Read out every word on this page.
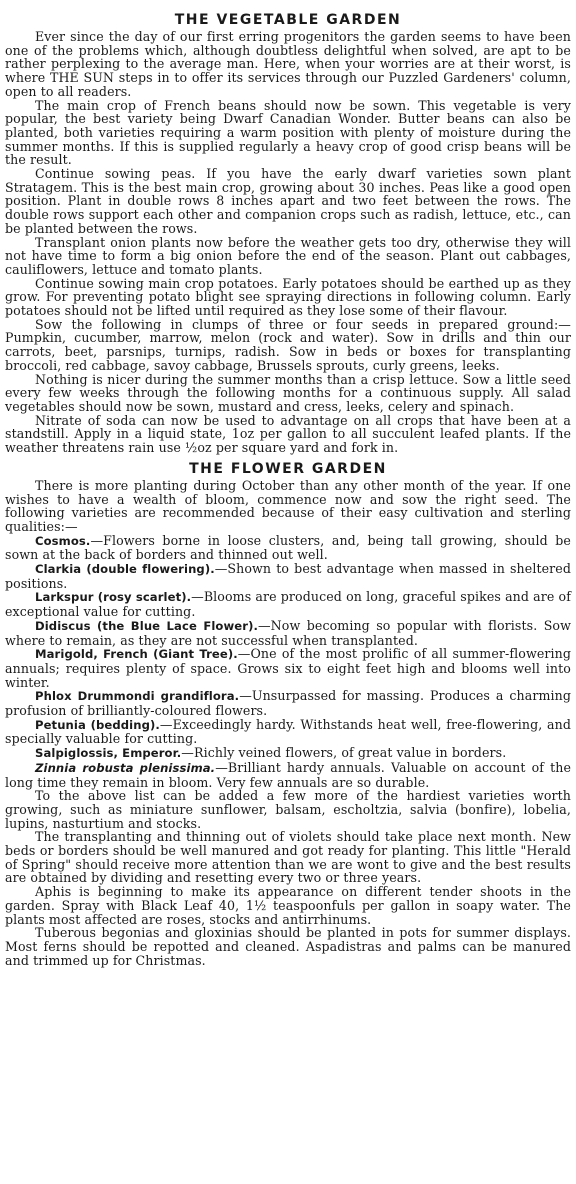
THE VEGETABLE GARDEN

Ever since the day of our first erring progenitors the garden seems to have been one of the problems which, although doubtless delightful when solved, are apt to be rather perplexing to the average man. Here, when your worries are at their worst, is where THE SUN steps in to offer its services through our Puzzled Gardeners' column, open to all readers.

The main crop of French beans should now be sown. This vegetable is very popular, the best variety being Dwarf Canadian Wonder. Butter beans can also be planted, both varieties requiring a warm position with plenty of moisture during the summer months. If this is supplied regularly a heavy crop of good crisp beans will be the result.

Continue sowing peas. If you have the early dwarf varieties sown plant Stratagem. This is the best main crop, growing about 30 inches. Peas like a good open position. Plant in double rows 8 inches apart and two feet between the rows. The double rows support each other and companion crops such as radish, lettuce, etc., can be planted between the rows.

Transplant onion plants now before the weather gets too dry, otherwise they will not have time to form a big onion before the end of the season. Plant out cabbages, cauliflowers, lettuce and tomato plants.

Continue sowing main crop potatoes. Early potatoes should be earthed up as they grow. For preventing potato blight see spraying directions in following column. Early potatoes should not be lifted until required as they lose some of their flavour.

Sow the following in clumps of three or four seeds in prepared ground:—Pumpkin, cucumber, marrow, melon (rock and water). Sow in drills and thin our carrots, beet, parsnips, turnips, radish. Sow in beds or boxes for transplanting broccoli, red cabbage, savoy cabbage, Brussels sprouts, curly greens, leeks.

Nothing is nicer during the summer months than a crisp lettuce. Sow a little seed every few weeks through the following months for a continuous supply. All salad vegetables should now be sown, mustard and cress, leeks, celery and spinach.

Nitrate of soda can now be used to advantage on all crops that have been at a standstill. Apply in a liquid state, 1oz per gallon to all succulent leafed plants. If the weather threatens rain use ½oz per square yard and fork in.

THE FLOWER GARDEN

There is more planting during October than any other month of the year. If one wishes to have a wealth of bloom, commence now and sow the right seed. The following varieties are recommended because of their easy cultivation and sterling qualities:—

Cosmos.—Flowers borne in loose clusters, and, being tall growing, should be sown at the back of borders and thinned out well.

Clarkia (double flowering).—Shown to best advantage when massed in sheltered positions.

Larkspur (rosy scarlet).—Blooms are produced on long, graceful spikes and are of exceptional value for cutting.

Didiscus (the Blue Lace Flower).—Now becoming so popular with florists. Sow where to remain, as they are not successful when transplanted.

Marigold, French (Giant Tree).—One of the most prolific of all summer-flowering annuals; requires plenty of space. Grows six to eight feet high and blooms well into winter.

Phlox Drummondi grandiflora.—Unsurpassed for massing. Produces a charming profusion of brilliantly-coloured flowers.

Petunia (bedding).—Exceedingly hardy. Withstands heat well, free-flowering, and specially valuable for cutting.

Salpiglossis, Emperor.—Richly veined flowers, of great value in borders.

Zinnia robusta plenissima.—Brilliant hardy annuals. Valuable on account of the long time they remain in bloom. Very few annuals are so durable.

To the above list can be added a few more of the hardiest varieties worth growing, such as miniature sunflower, balsam, escholtzia, salvia (bonfire), lobelia, lupins, nasturtium and stocks.

The transplanting and thinning out of violets should take place next month. New beds or borders should be well manured and got ready for planting. This little "Herald of Spring" should receive more attention than we are wont to give and the best results are obtained by dividing and resetting every two or three years.

Aphis is beginning to make its appearance on different tender shoots in the garden. Spray with Black Leaf 40, 1½ teaspoonfuls per gallon in soapy water. The plants most affected are roses, stocks and antirrhinums.

Tuberous begonias and gloxinias should be planted in pots for summer displays. Most ferns should be repotted and cleaned. Aspadistras and palms can be manured and trimmed up for Christmas.
